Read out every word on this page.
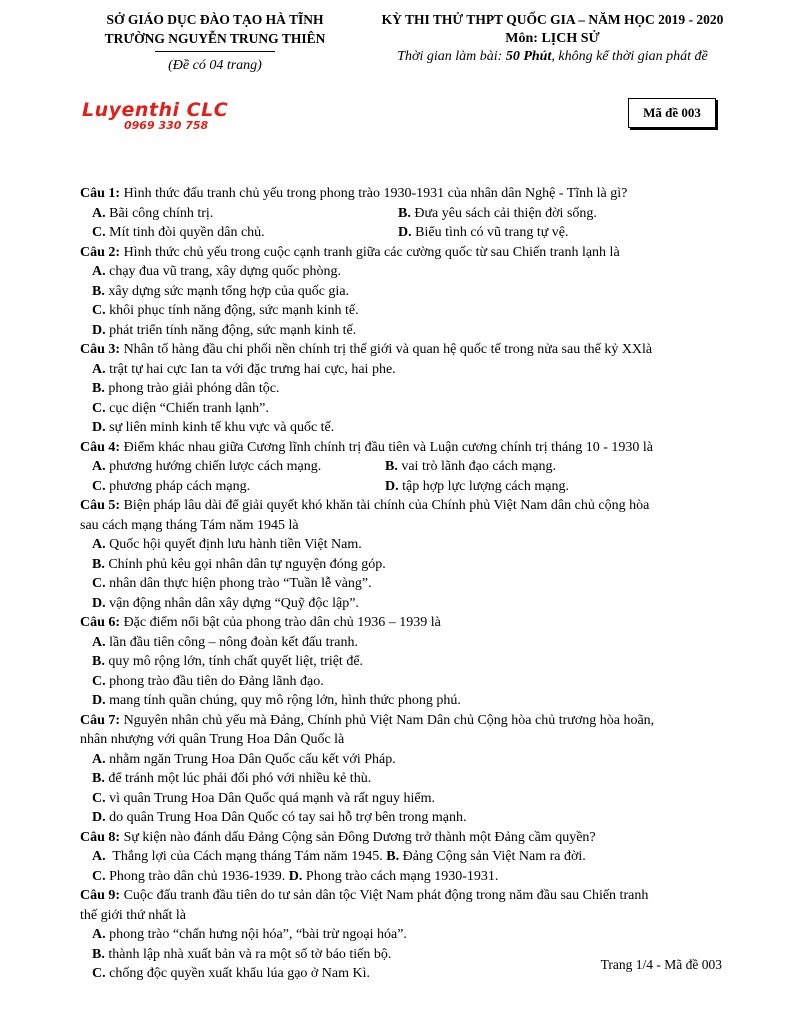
SỞ GIÁO DỤC ĐÀO TẠO HÀ TĨNH
TRƯỜNG NGUYỄN TRUNG THIÊN
(Đề có 04 trang)
KỲ THI THỬ THPT QUỐC GIA – NĂM HỌC 2019 - 2020
Môn: LỊCH SỬ
Thời gian làm bài: 50 Phút, không kể thời gian phát đề
Luyenthi CLC
0969 330 758
Mã đề 003
Câu 1: Hình thức đấu tranh chủ yếu trong phong trào 1930-1931 của nhân dân Nghệ - Tĩnh là gì?
A. Bãi công chính trị.	B. Đưa yêu sách cải thiện đời sống.
C. Mít tinh đòi quyền dân chủ.	D. Biểu tình có vũ trang tự vệ.
Câu 2: Hình thức chủ yếu trong cuộc cạnh tranh giữa các cường quốc từ sau Chiến tranh lạnh là
A. chạy đua vũ trang, xây dựng quốc phòng.
B. xây dựng sức mạnh tổng hợp của quốc gia.
C. khôi phục tính năng động, sức mạnh kinh tế.
D. phát triển tính năng động, sức mạnh kinh tế.
Câu 3: Nhân tố hàng đầu chi phối nền chính trị thế giới và quan hệ quốc tế trong nửa sau thế kỷ XXlà
A. trật tự hai cực Ian ta với đặc trưng hai cực, hai phe.
B. phong trào giải phóng dân tộc.
C. cục diện “Chiến tranh lạnh”.
D. sự liên minh kinh tế khu vực và quốc tế.
Câu 4: Điểm khác nhau giữa Cương lĩnh chính trị đầu tiên và Luận cương chính trị tháng 10 - 1930 là
A. phương hướng chiến lược cách mạng.	B. vai trò lãnh đạo cách mạng.
C. phương pháp cách mạng.	D. tập hợp lực lượng cách mạng.
Câu 5: Biện pháp lâu dài để giải quyết khó khăn tài chính của Chính phủ Việt Nam dân chủ cộng hòa
sau cách mạng tháng Tám năm 1945 là
A. Quốc hội quyết định lưu hành tiền Việt Nam.
B. Chính phủ kêu gọi nhân dân tự nguyện đóng góp.
C. nhân dân thực hiện phong trào “Tuần lễ vàng”.
D. vận động nhân dân xây dựng “Quỹ độc lập”.
Câu 6: Đặc điểm nổi bật của phong trào dân chủ 1936 – 1939 là
A. lần đầu tiên công – nông đoàn kết đấu tranh.
B. quy mô rộng lớn, tính chất quyết liệt, triệt để.
C. phong trào đầu tiên do Đảng lãnh đạo.
D. mang tính quần chúng, quy mô rộng lớn, hình thức phong phú.
Câu 7: Nguyên nhân chủ yếu mà Đảng, Chính phủ Việt Nam Dân chủ Cộng hòa chủ trương hòa hoãn,
nhân nhượng với quân Trung Hoa Dân Quốc là
A. nhằm ngăn Trung Hoa Dân Quốc cấu kết với Pháp.
B. để tránh một lúc phải đối phó với nhiều kẻ thù.
C. vì quân Trung Hoa Dân Quốc quá mạnh và rất nguy hiểm.
D. do quân Trung Hoa Dân Quốc có tay sai hỗ trợ bên trong mạnh.
Câu 8: Sự kiện nào đánh dấu Đảng Cộng sản Đông Dương trở thành một Đảng cầm quyền?
A. Thắng lợi của Cách mạng tháng Tám năm 1945. B. Đảng Cộng sản Việt Nam ra đời.
C. Phong trào dân chủ 1936-1939. D. Phong trào cách mạng 1930-1931.
Câu 9: Cuộc đấu tranh đầu tiên do tư sản dân tộc Việt Nam phát động trong năm đầu sau Chiến tranh
thế giới thứ nhất là
A. phong trào “chấn hưng nội hóa”, “bài trừ ngoại hóa”.
B. thành lập nhà xuất bản và ra một số tờ báo tiến bộ.
C. chống độc quyền xuất khẩu lúa gạo ở Nam Kì.
Trang 1/4 - Mã đề 003
